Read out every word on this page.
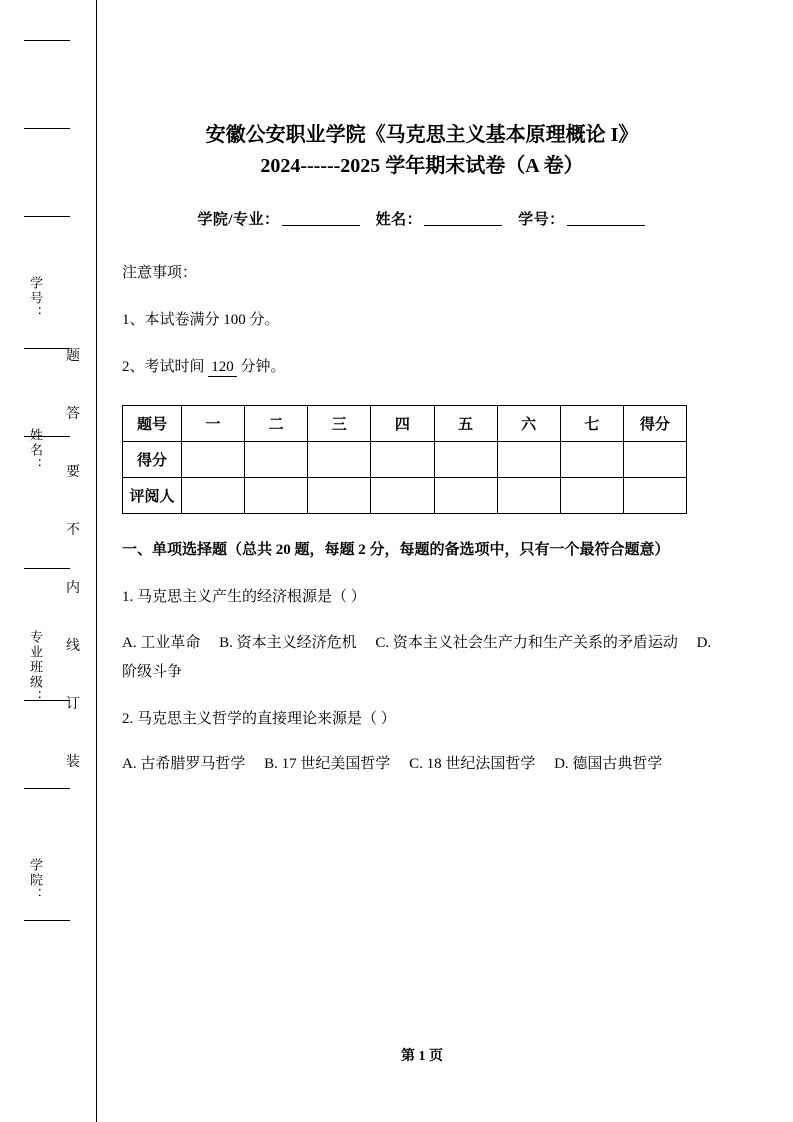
学号：
姓名：
专业班级：
学院：
题
答
要
不
内
线
订
装
安徽公安职业学院《马克思主义基本原理概论 I》
2024------2025 学年期末试卷（A 卷）
学院/专业：	姓名：	学号：
注意事项：
1、本试卷满分 100 分。
2、考试时间 120 分钟。
题号	一	二	三	四	五	六	七	得分
得分								
评阅人								
一、单项选择题（总共 20 题，每题 2 分，每题的备选项中，只有一个最符合题意）
1. 马克思主义产生的经济根源是（ ）
A. 工业革命　 B. 资本主义经济危机　 C. 资本主义社会生产力和生产关系的矛盾运动　 D. 阶级斗争
2. 马克思主义哲学的直接理论来源是（ ）
A. 古希腊罗马哲学　 B. 17 世纪美国哲学　 C. 18 世纪法国哲学　 D. 德国古典哲学
第 1 页
